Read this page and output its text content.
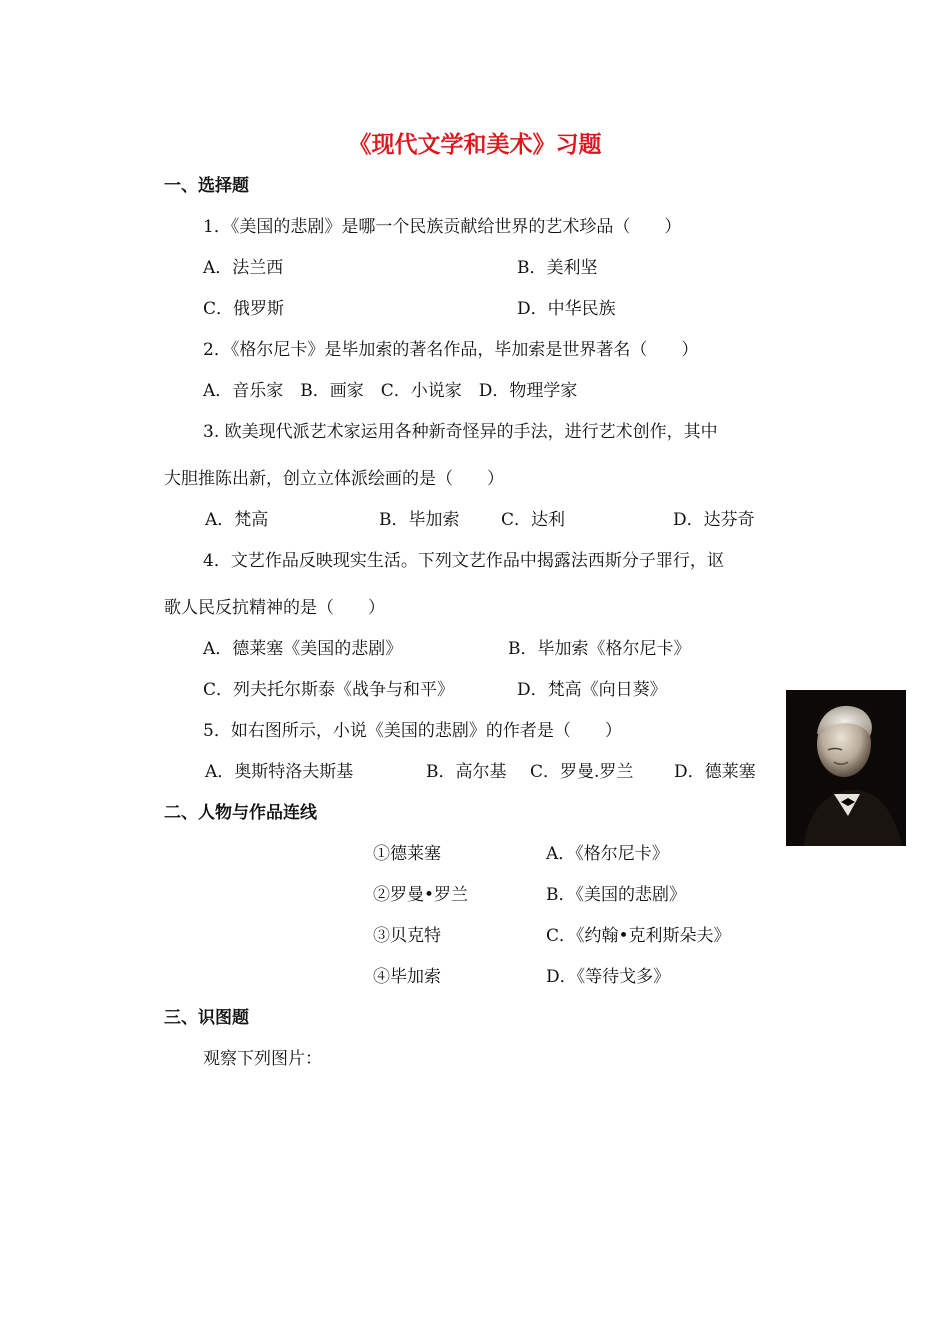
《现代文学和美术》习题
一、选择题
1．《美国的悲剧》是哪一个民族贡献给世界的艺术珍品（　　）
A．法兰西	B．美利坚
C．俄罗斯	D．中华民族
2．《格尔尼卡》是毕加索的著名作品，毕加索是世界著名（　　）
A．音乐家　B．画家　C．小说家　D．物理学家
3. 欧美现代派艺术家运用各种新奇怪异的手法，进行艺术创作，其中
大胆推陈出新，创立立体派绘画的是（　　）
A．梵高	B．毕加索 C．达利	D．达芬奇
4．文艺作品反映现实生活。下列文艺作品中揭露法西斯分子罪行，讴
歌人民反抗精神的是（　　）
A．德莱塞《美国的悲剧》	B．毕加索《格尔尼卡》
C．列夫托尔斯泰《战争与和平》	D．梵高《向日葵》
5．如右图所示，小说《美国的悲剧》的作者是（　　）
A．奥斯特洛夫斯基	B．高尔基 C．罗曼.罗兰 D．德莱塞
二、人物与作品连线
①德莱塞	A．《格尔尼卡》
②罗曼•罗兰	B．《美国的悲剧》
③贝克特	C．《约翰•克利斯朵夫》
④毕加索	D．《等待戈多》
三、识图题
观察下列图片：
